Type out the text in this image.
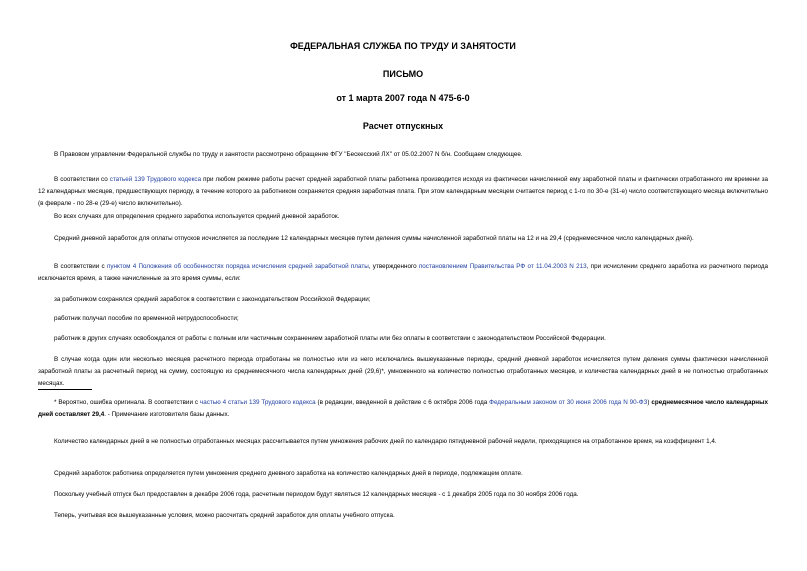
ФЕДЕРАЛЬНАЯ СЛУЖБА ПО ТРУДУ И ЗАНЯТОСТИ
ПИСЬМО
от 1 марта 2007 года N 475-6-0
Расчет отпускных

В Правовом управлении Федеральной службы по труду и занятости рассмотрено обращение ФГУ "Бескесский ЛХ" от 05.02.2007 N б/н. Сообщаем следующее.

В соответствии со статьей 139 Трудового кодекса при любом режиме работы расчет средней заработной платы работника производится исходя из фактически начисленной ему заработной платы и фактически отработанного им времени за 12 календарных месяцев, предшествующих периоду, в течение которого за работником сохраняется средняя заработная плата. При этом календарным месяцем считается период с 1-го по 30-е (31-е) число соответствующего месяца включительно (в феврале - по 28-е (29-е) число включительно).

Во всех случаях для определения среднего заработка используется средний дневной заработок.

Средний дневной заработок для оплаты отпусков исчисляется за последние 12 календарных месяцев путем деления суммы начисленной заработной платы на 12 и на 29,4 (среднемесячное число календарных дней).

В соответствии с пунктом 4 Положения об особенностях порядка исчисления средней заработной платы, утвержденного постановлением Правительства РФ от 11.04.2003 N 213, при исчислении среднего заработка из расчетного периода исключается время, а также начисленные за это время суммы, если:

за работником сохранялся средний заработок в соответствии с законодательством Российской Федерации;

работник получал пособие по временной нетрудоспособности;

работник в других случаях освобождался от работы с полным или частичным сохранением заработной платы или без оплаты в соответствии с законодательством Российской Федерации.

В случае когда один или несколько месяцев расчетного периода отработаны не полностью или из него исключались вышеуказанные периоды, средний дневной заработок исчисляется путем деления суммы фактически начисленной заработной платы за расчетный период на сумму, состоящую из среднемесячного числа календарных дней (29,6)*, умноженного на количество полностью отработанных месяцев, и количества календарных дней в не полностью отработанных месяцах.

* Вероятно, ошибка оригинала. В соответствии с частью 4 статьи 139 Трудового кодекса (в редакции, введенной в действие с 6 октября 2006 года Федеральным законом от 30 июня 2006 года N 90-ФЗ) среднемесячное число календарных дней составляет 29,4. - Примечание изготовителя базы данных.

Количество календарных дней в не полностью отработанных месяцах рассчитывается путем умножения рабочих дней по календарю пятидневной рабочей недели, приходящихся на отработанное время, на коэффициент 1,4.

Средний заработок работника определяется путем умножения среднего дневного заработка на количество календарных дней в периоде, подлежащем оплате.

Поскольку учебный отпуск был предоставлен в декабре 2006 года, расчетным периодом будут являться 12 календарных месяцев - с 1 декабря 2005 года по 30 ноября 2006 года.

Теперь, учитывая все вышеуказанные условия, можно рассчитать средний заработок для оплаты учебного отпуска.
